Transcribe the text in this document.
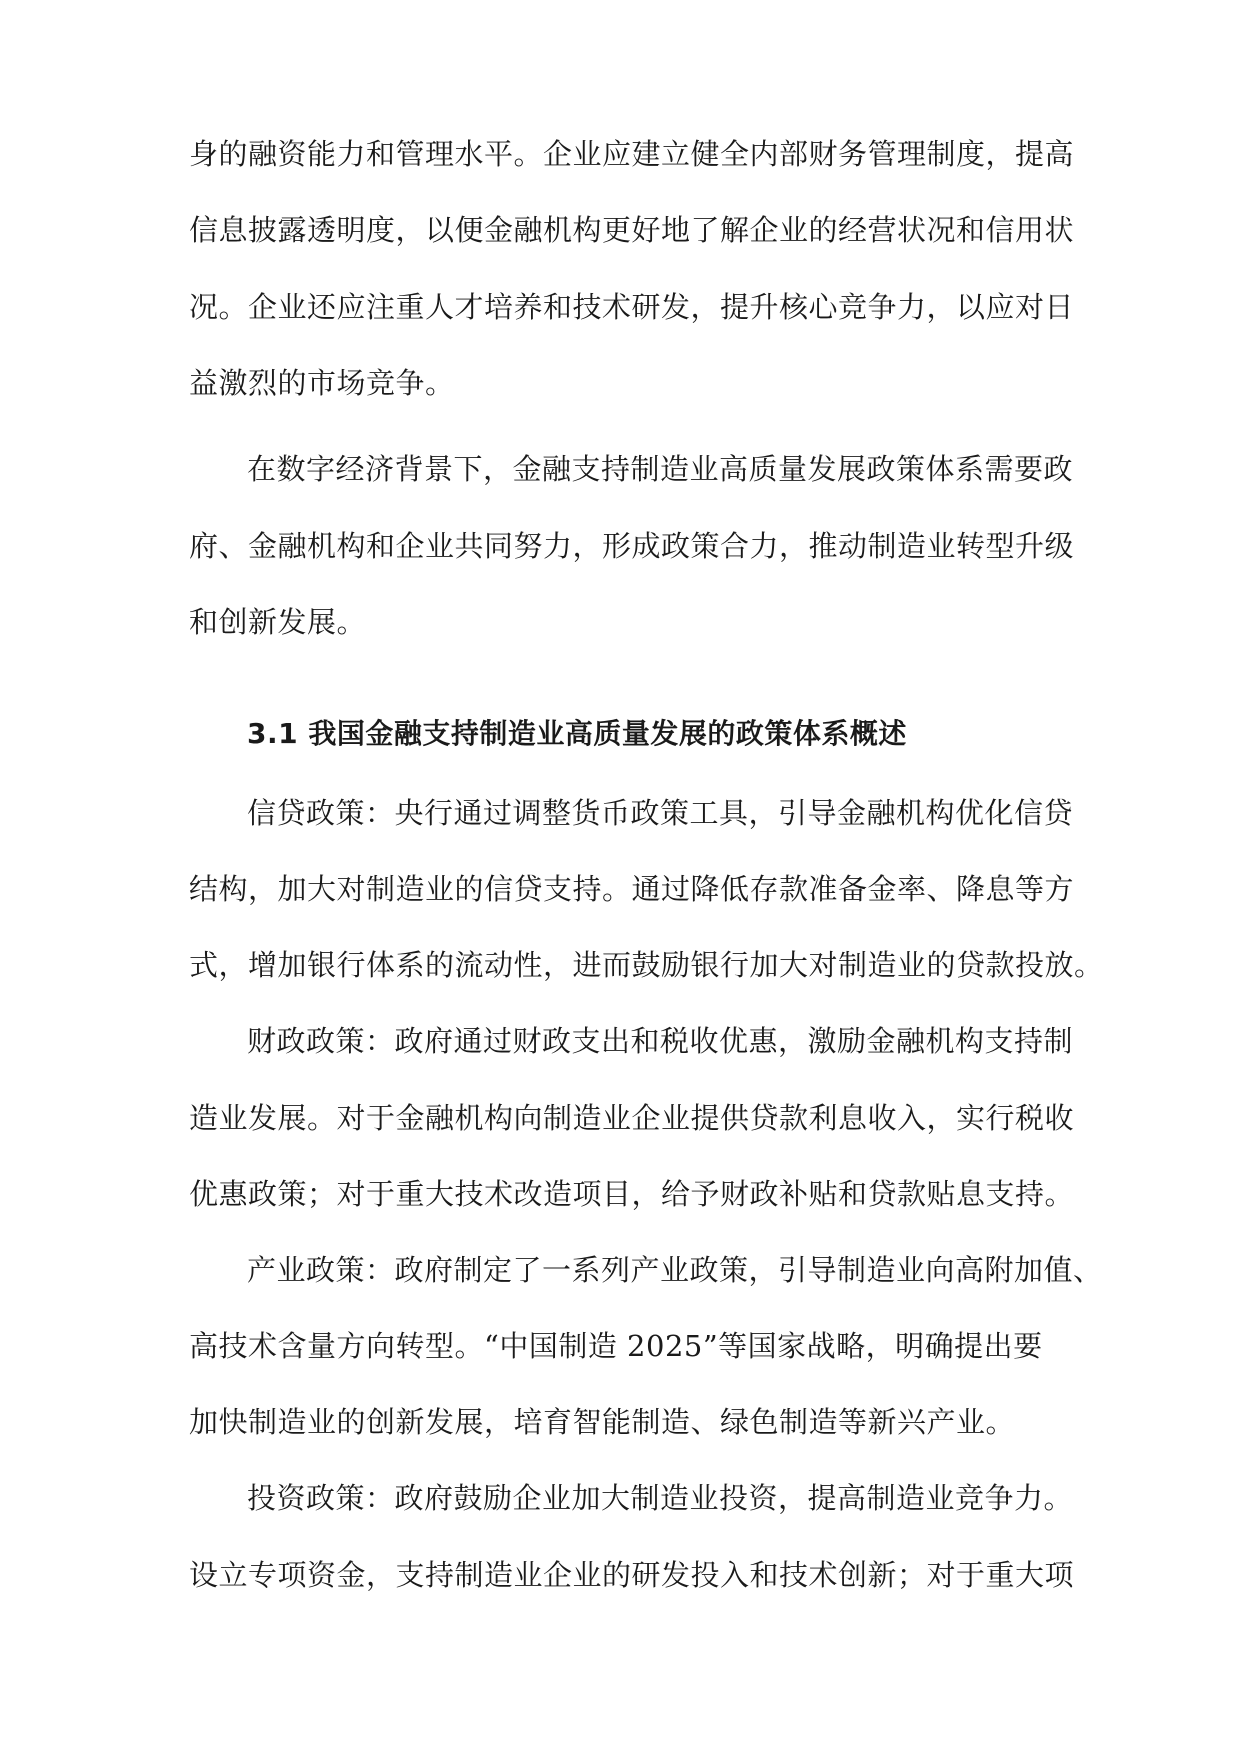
身的融资能力和管理水平。企业应建立健全内部财务管理制度，提高
信息披露透明度，以便金融机构更好地了解企业的经营状况和信用状
况。企业还应注重人才培养和技术研发，提升核心竞争力，以应对日
益激烈的市场竞争。
在数字经济背景下，金融支持制造业高质量发展政策体系需要政
府、金融机构和企业共同努力，形成政策合力，推动制造业转型升级
和创新发展。
3.1 我国金融支持制造业高质量发展的政策体系概述
信贷政策：央行通过调整货币政策工具，引导金融机构优化信贷
结构，加大对制造业的信贷支持。通过降低存款准备金率、降息等方
式，增加银行体系的流动性，进而鼓励银行加大对制造业的贷款投放。
财政政策：政府通过财政支出和税收优惠，激励金融机构支持制
造业发展。对于金融机构向制造业企业提供贷款利息收入，实行税收
优惠政策；对于重大技术改造项目，给予财政补贴和贷款贴息支持。
产业政策：政府制定了一系列产业政策，引导制造业向高附加值、
高技术含量方向转型。“中国制造 2025”等国家战略，明确提出要
加快制造业的创新发展，培育智能制造、绿色制造等新兴产业。
投资政策：政府鼓励企业加大制造业投资，提高制造业竞争力。
设立专项资金，支持制造业企业的研发投入和技术创新；对于重大项
